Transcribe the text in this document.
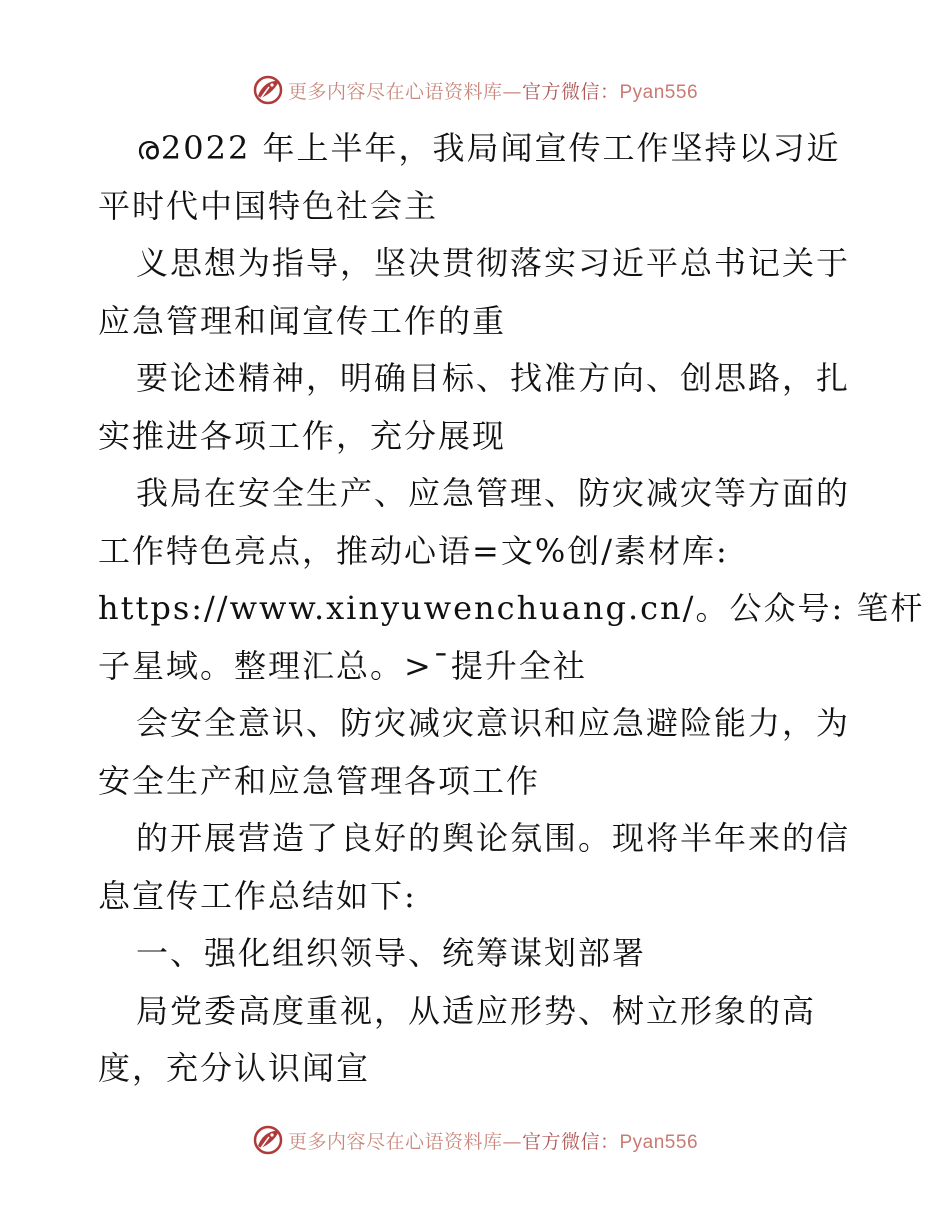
更多内容尽在心语资料库—官方微信：Pyan556
ര2022 年上半年，我局闻宣传工作坚持以习近
平时代中国特色社会主
义思想为指导，坚决贯彻落实习近平总书记关于
应急管理和闻宣传工作的重
要论述精神，明确目标、找准方向、创思路，扎
实推进各项工作，充分展现
我局在安全生产、应急管理、防灾减灾等方面的
工作特色亮点，推动心语=文%创/素材库:
https://www.xinyuwenchuang.cn/。公众号: 笔杆
子星域。整理汇总。>¯提升全社
会安全意识、防灾减灾意识和应急避险能力，为
安全生产和应急管理各项工作
的开展营造了良好的舆论氛围。现将半年来的信
息宣传工作总结如下:
一、强化组织领导、统筹谋划部署
局党委高度重视，从适应形势、树立形象的高
度，充分认识闻宣
更多内容尽在心语资料库—官方微信：Pyan556
